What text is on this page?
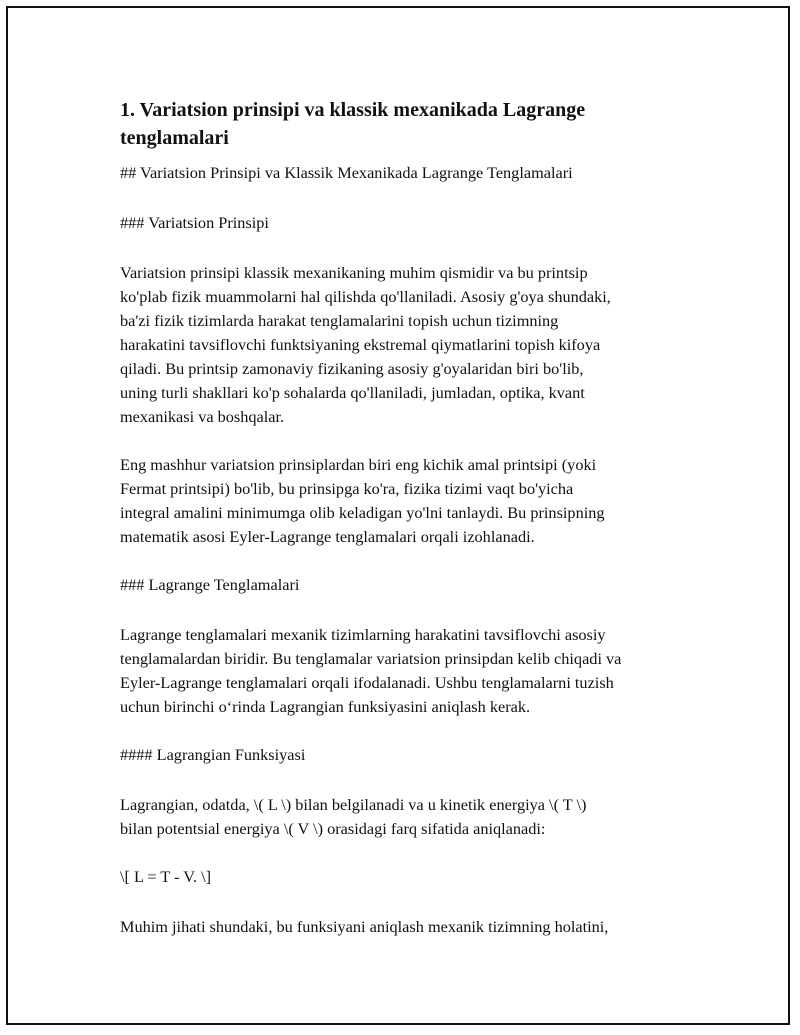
1. Variatsion prinsipi va klassik mexanikada Lagrange
tenglamalari
## Variatsion Prinsipi va Klassik Mexanikada Lagrange Tenglamalari
### Variatsion Prinsipi
Variatsion prinsipi klassik mexanikaning muhim qismidir va bu printsip
ko'plab fizik muammolarni hal qilishda qo'llaniladi. Asosiy g'oya shundaki,
ba'zi fizik tizimlarda harakat tenglamalarini topish uchun tizimning
harakatini tavsiflovchi funktsiyaning ekstremal qiymatlarini topish kifoya
qiladi. Bu printsip zamonaviy fizikaning asosiy g'oyalaridan biri bo'lib,
uning turli shakllari ko'p sohalarda qo'llaniladi, jumladan, optika, kvant
mexanikasi va boshqalar.
Eng mashhur variatsion prinsiplardan biri eng kichik amal printsipi (yoki
Fermat printsipi) bo'lib, bu prinsipga ko'ra, fizika tizimi vaqt bo'yicha
integral amalini minimumga olib keladigan yo'lni tanlaydi. Bu prinsipning
matematik asosi Eyler-Lagrange tenglamalari orqali izohlanadi.
### Lagrange Tenglamalari
Lagrange tenglamalari mexanik tizimlarning harakatini tavsiflovchi asosiy
tenglamalardan biridir. Bu tenglamalar variatsion prinsipdan kelib chiqadi va
Eyler-Lagrange tenglamalari orqali ifodalanadi. Ushbu tenglamalarni tuzish
uchun birinchi o‘rinda Lagrangian funksiyasini aniqlash kerak.
#### Lagrangian Funksiyasi
Lagrangian, odatda, \( L \) bilan belgilanadi va u kinetik energiya \( T \)
bilan potentsial energiya \( V \) orasidagi farq sifatida aniqlanadi:
\[ L = T - V. \]
Muhim jihati shundaki, bu funksiyani aniqlash mexanik tizimning holatini,
